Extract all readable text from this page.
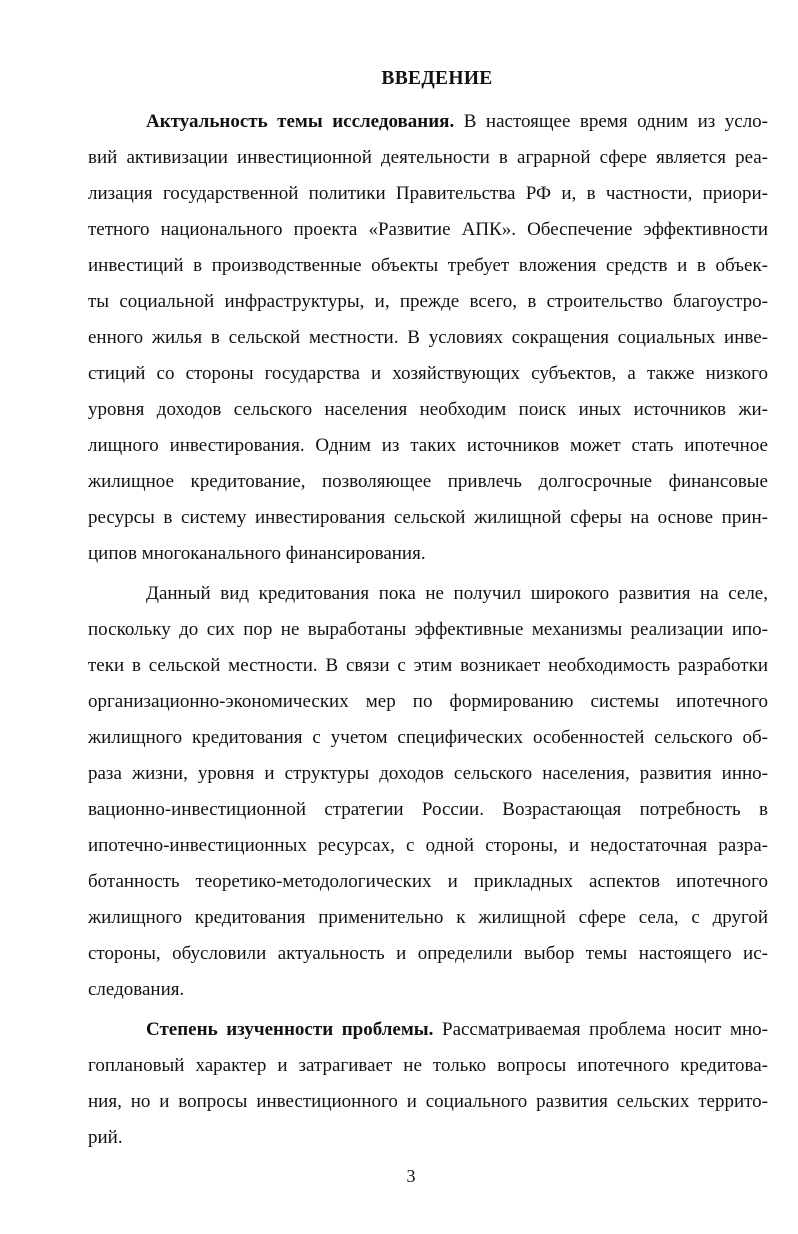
ВВЕДЕНИЕ
Актуальность темы исследования. В настоящее время одним из усло-
вий активизации инвестиционной деятельности в аграрной сфере является реа-
лизация государственной политики Правительства РФ и, в частности, приори-
тетного национального проекта «Развитие АПК». Обеспечение эффективности
инвестиций в производственные объекты требует вложения средств и в объек-
ты социальной инфраструктуры, и, прежде всего, в строительство благоустро-
енного жилья в сельской местности. В условиях сокращения социальных инве-
стиций со стороны государства и хозяйствующих субъектов, а также низкого
уровня доходов сельского населения необходим поиск иных источников жи-
лищного инвестирования. Одним из таких источников может стать ипотечное
жилищное кредитование, позволяющее привлечь долгосрочные финансовые
ресурсы в систему инвестирования сельской жилищной сферы на основе прин-
ципов многоканального финансирования.
Данный вид кредитования пока не получил широкого развития на селе,
поскольку до сих пор не выработаны эффективные механизмы реализации ипо-
теки в сельской местности. В связи с этим возникает необходимость разработки
организационно-экономических мер по формированию системы ипотечного
жилищного кредитования с учетом специфических особенностей сельского об-
раза жизни, уровня и структуры доходов сельского населения, развития инно-
вационно-инвестиционной стратегии России. Возрастающая потребность в
ипотечно-инвестиционных ресурсах, с одной стороны, и недостаточная разра-
ботанность теоретико-методологических и прикладных аспектов ипотечного
жилищного кредитования применительно к жилищной сфере села, с другой
стороны, обусловили актуальность и определили выбор темы настоящего ис-
следования.
Степень изученности проблемы. Рассматриваемая проблема носит мно-
гоплановый характер и затрагивает не только вопросы ипотечного кредитова-
ния, но и вопросы инвестиционного и социального развития сельских террито-
рий.
3
